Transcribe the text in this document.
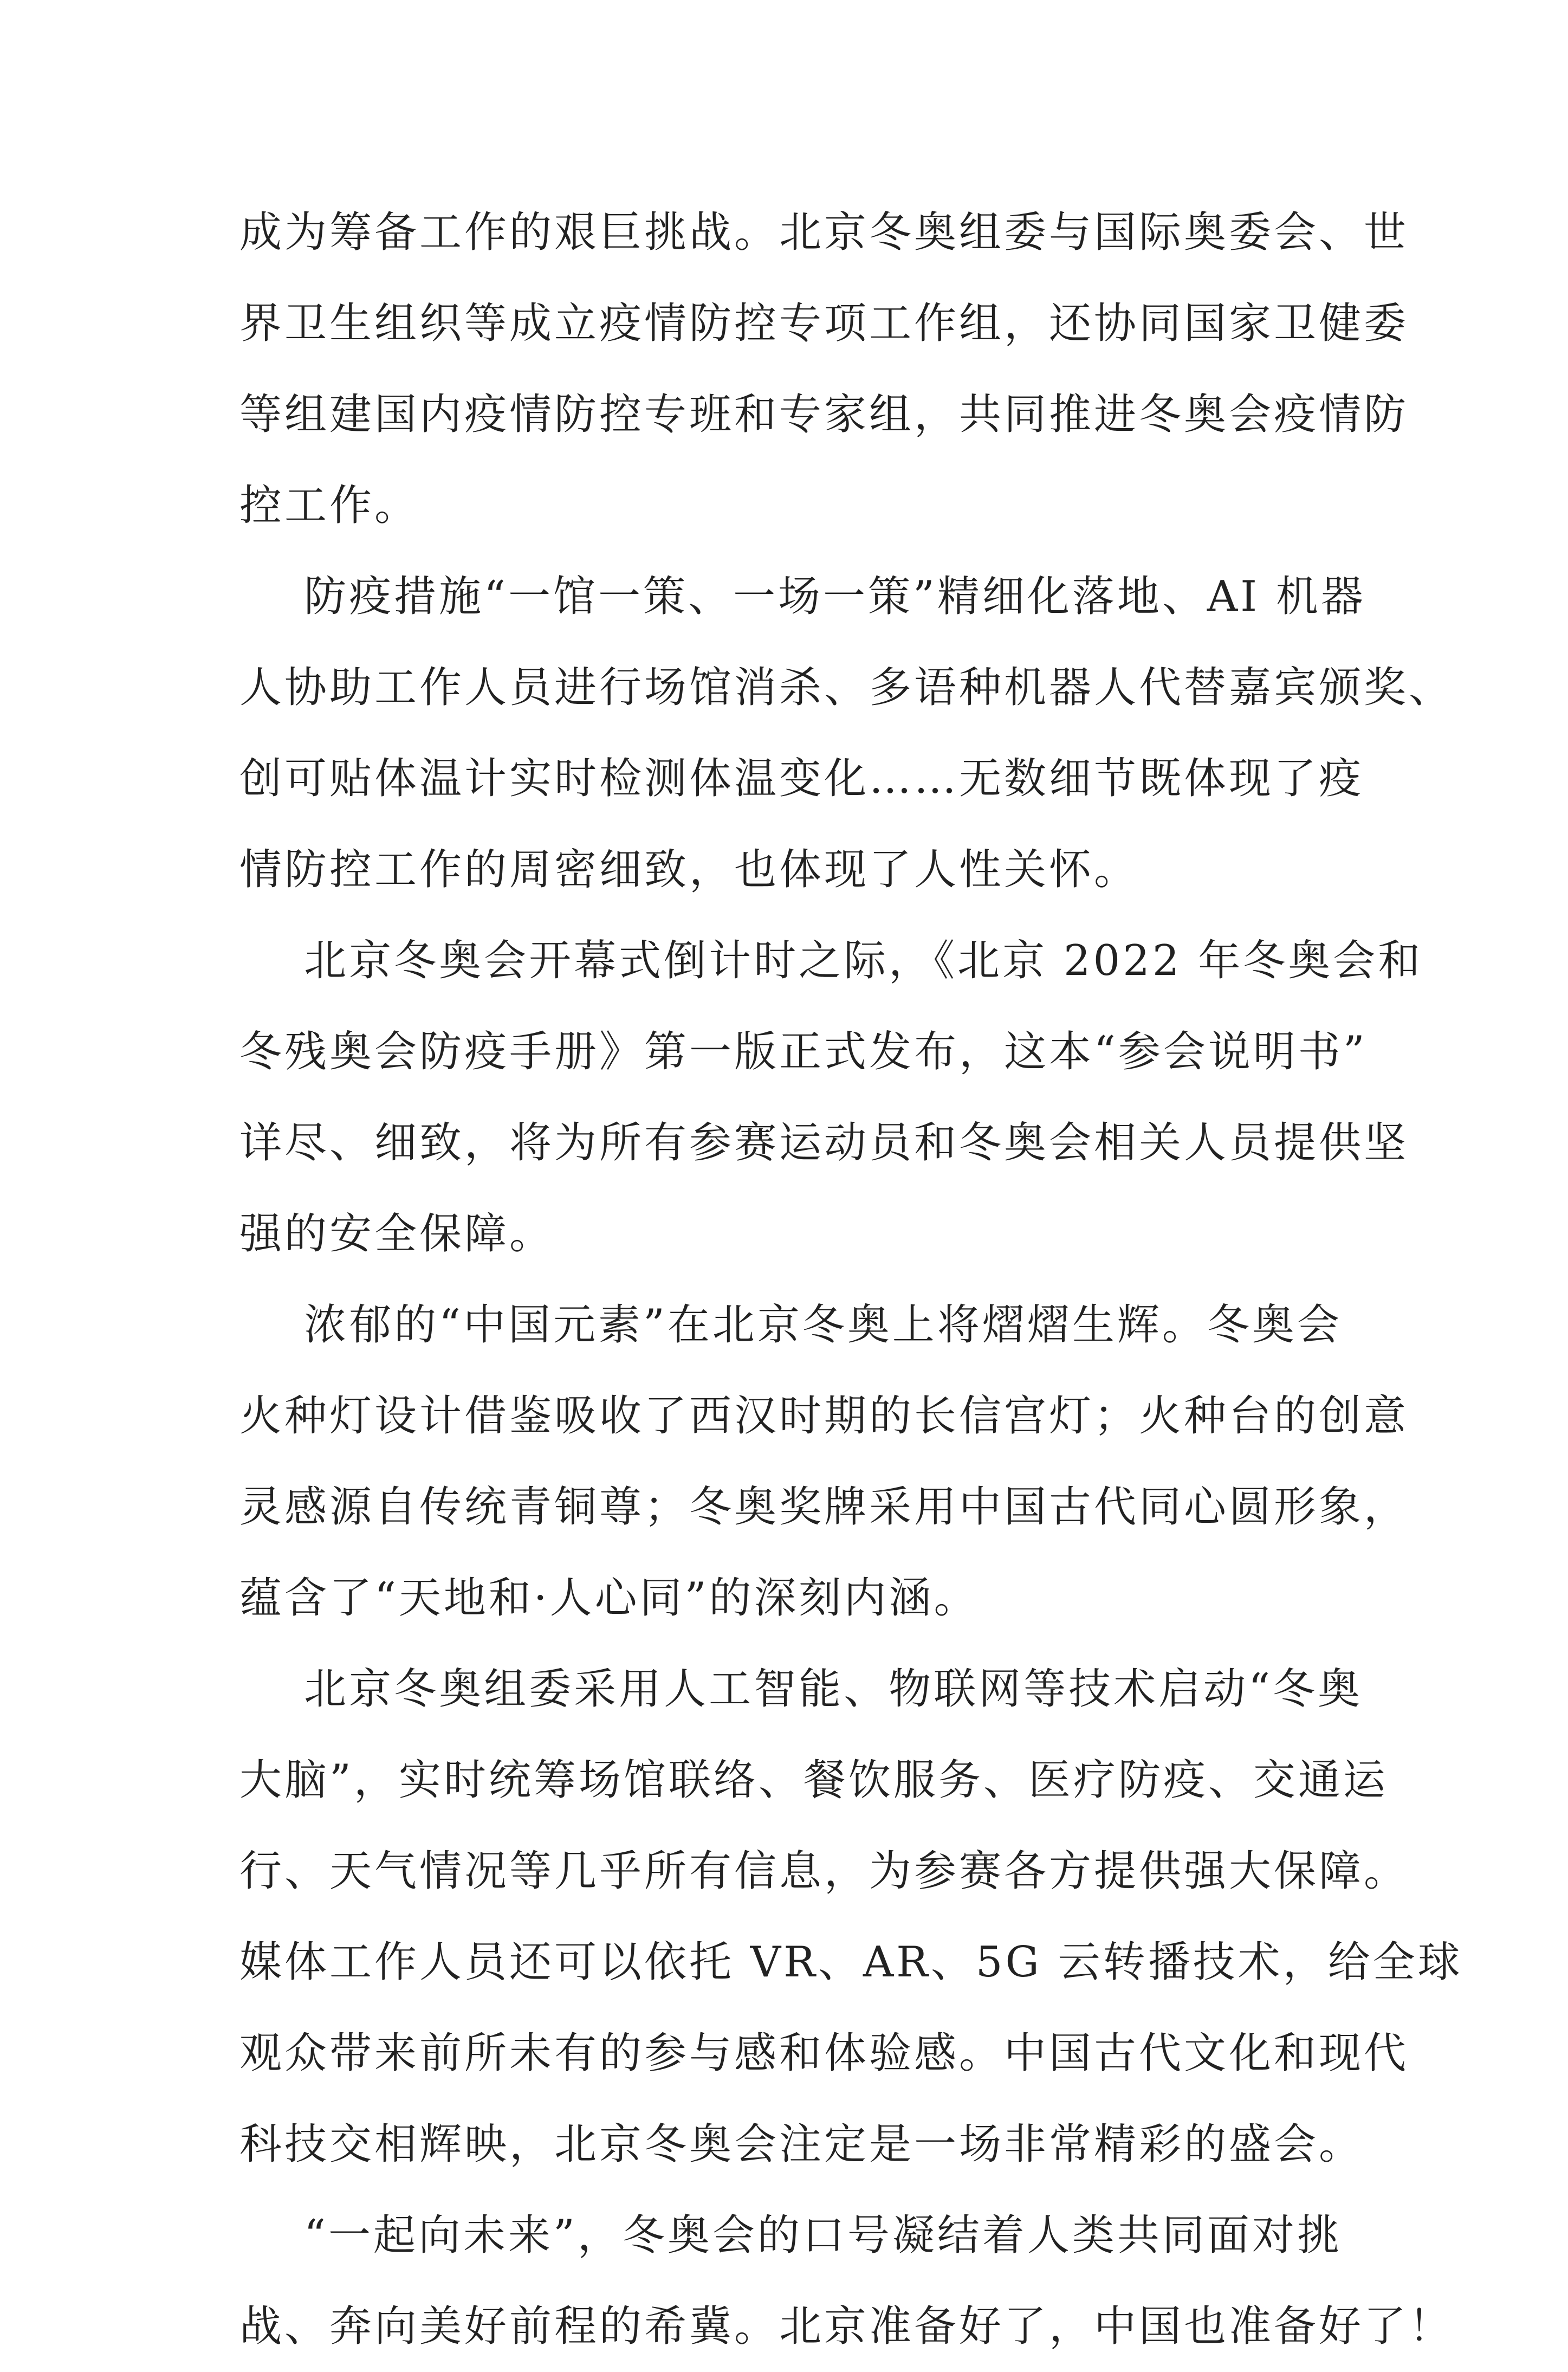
成为筹备工作的艰巨挑战。北京冬奥组委与国际奥委会、世
界卫生组织等成立疫情防控专项工作组，还协同国家卫健委
等组建国内疫情防控专班和专家组，共同推进冬奥会疫情防
控工作。
防疫措施“一馆一策、一场一策”精细化落地、AI 机器
人协助工作人员进行场馆消杀、多语种机器人代替嘉宾颁奖、
创可贴体温计实时检测体温变化……无数细节既体现了疫
情防控工作的周密细致，也体现了人性关怀。
北京冬奥会开幕式倒计时之际，《北京 2022 年冬奥会和
冬残奥会防疫手册》第一版正式发布，这本“参会说明书”
详尽、细致，将为所有参赛运动员和冬奥会相关人员提供坚
强的安全保障。
浓郁的“中国元素”在北京冬奥上将熠熠生辉。冬奥会
火种灯设计借鉴吸收了西汉时期的长信宫灯；火种台的创意
灵感源自传统青铜尊；冬奥奖牌采用中国古代同心圆形象，
蕴含了“天地和·人心同”的深刻内涵。
北京冬奥组委采用人工智能、物联网等技术启动“冬奥
大脑”，实时统筹场馆联络、餐饮服务、医疗防疫、交通运
行、天气情况等几乎所有信息，为参赛各方提供强大保障。
媒体工作人员还可以依托 VR、AR、5G 云转播技术，给全球
观众带来前所未有的参与感和体验感。中国古代文化和现代
科技交相辉映，北京冬奥会注定是一场非常精彩的盛会。
“一起向未来”，冬奥会的口号凝结着人类共同面对挑
战、奔向美好前程的希冀。北京准备好了，中国也准备好了！
